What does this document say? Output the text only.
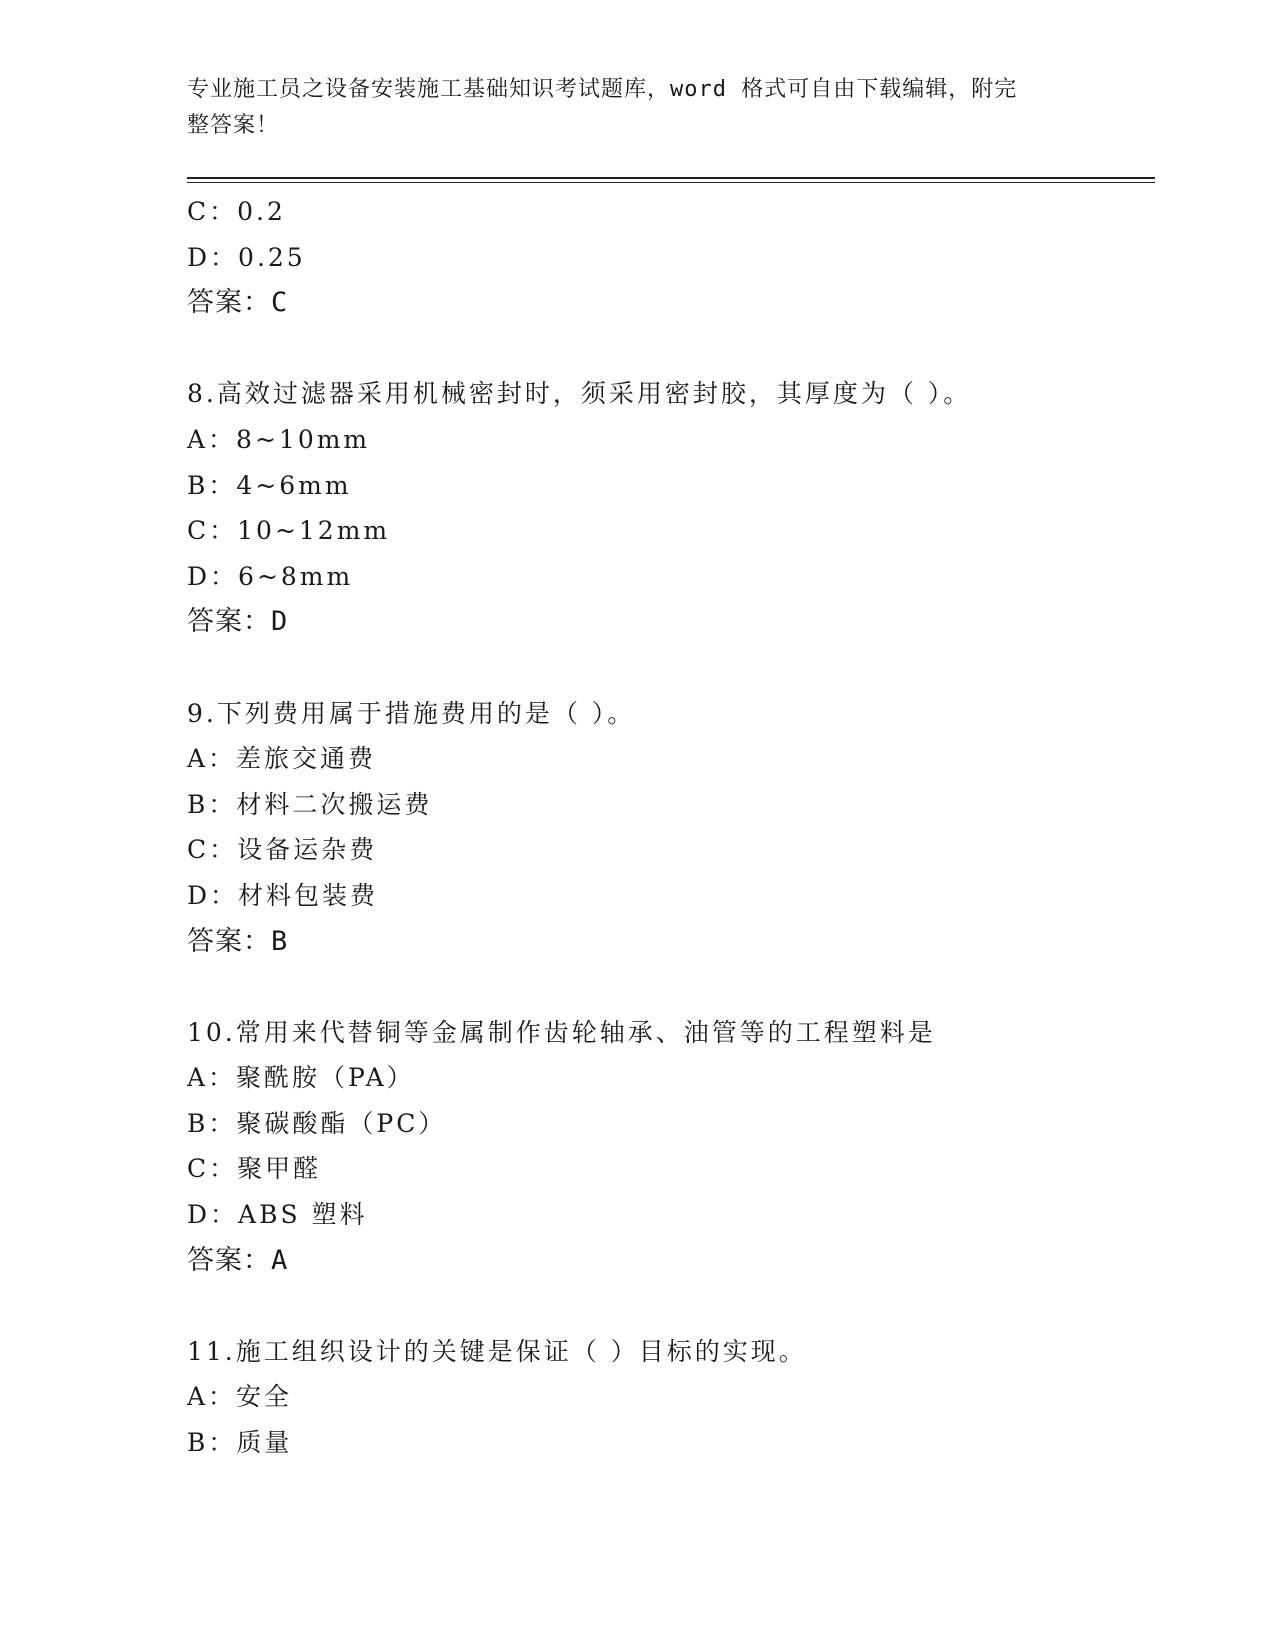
专业施工员之设备安装施工基础知识考试题库，word 格式可自由下载编辑，附完
整答案！
C：0.2
D：0.25
答案：C
8.高效过滤器采用机械密封时，须采用密封胶，其厚度为（ ）。
A：8~10mm
B：4~6mm
C：10~12mm
D：6~8mm
答案：D
9.下列费用属于措施费用的是（ ）。
A：差旅交通费
B：材料二次搬运费
C：设备运杂费
D：材料包装费
答案：B
10.常用来代替铜等金属制作齿轮轴承、油管等的工程塑料是
A：聚酰胺（PA）
B：聚碳酸酯（PC）
C：聚甲醛
D：ABS 塑料
答案：A
11.施工组织设计的关键是保证（ ）目标的实现。
A：安全
B：质量
